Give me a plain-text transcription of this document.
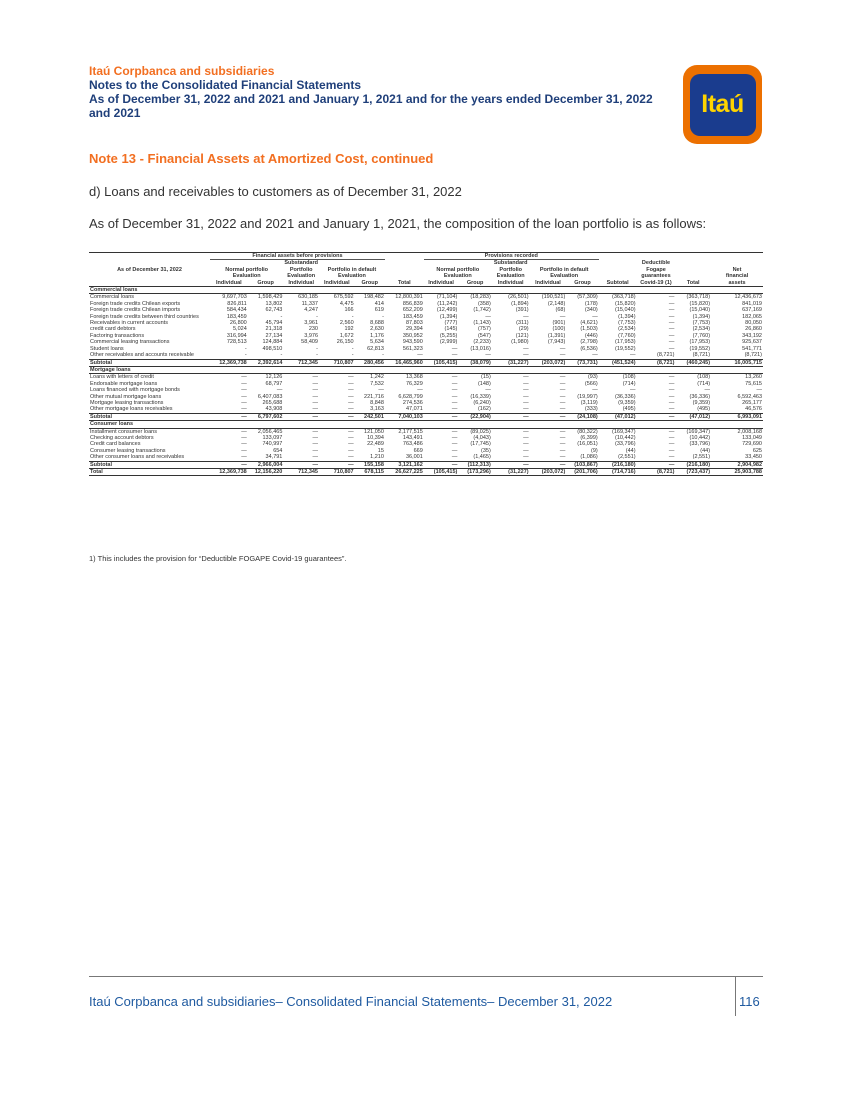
Itaú Corpbanca and subsidiaries
Notes to the Consolidated Financial Statements
As of December 31, 2022 and 2021 and January 1, 2021 and for the years ended December 31, 2022
and 2021	Itaú
Note 13 - Financial Assets at Amortized Cost, continued
d) Loans and receivables to customers as of December 31, 2022
As of December 31, 2022 and 2021 and January 1, 2021, the composition of the loan portfolio is as follows:
	Financial assets before provisions						Provisions recorded								
As of December 31, 2022	Normal portfolio		Substandard Portfolio	Portfolio in default			Normal portfolio		Substandard Portfolio	Portfolio in default			Deductible Fogape		Net
	Evaluation		Evaluation	Evaluation			Evaluation		Evaluation	Evaluation			guarantees		financial
	Individual	Group	Individual	Individual	Group	Total	Individual	Group	Individual	Individual	Group	Subtotal	Covid-19 (1)	Total	assets
Commercial loans															
Commercial loans	9,697,703	1,598,429	630,185	675,592	198,482	12,800,391	(71,104)	(18,283)	(26,501)	(190,521)	(57,309)	(363,718)	—	(363,718)	12,436,673
Foreign trade credits Chilean exports	826,811	13,802	11,337	4,475	414	856,839	(11,242)	(358)	(1,894)	(2,148)	(178)	(15,820)	—	(15,820)	841,019
Foreign trade credits Chilean imports	584,434	62,743	4,247	166	619	652,209	(12,499)	(1,742)	(391)	(68)	(340)	(15,040)	—	(15,040)	637,169
Foreign trade credits between third countries	183,459	-	-	-	-	183,459	(1,394)	—	—	—	—	(1,394)	—	(1,394)	182,065
Receivables in current accounts	26,800	45,794	3,961	2,560	8,688	87,803	(777)	(1,143)	(311)	(901)	(4,621)	(7,753)	—	(7,753)	80,050
credit card debtors	5,024	21,318	230	192	2,630	29,394	(145)	(757)	(29)	(100)	(1,503)	(2,534)	—	(2,534)	26,860
Factoring transactions	316,994	27,134	3,976	1,672	1,176	350,952	(5,255)	(547)	(121)	(1,391)	(446)	(7,760)	—	(7,760)	343,192
Commercial leasing transactions	728,513	124,884	58,409	26,150	5,634	943,590	(2,999)	(2,233)	(1,980)	(7,943)	(2,798)	(17,953)	—	(17,953)	925,637
Student loans	-	498,510	-	-	62,813	561,323	—	(13,016)	—	—	(6,536)	(19,552)	—	(19,552)	541,771
Other receivables and accounts receivable	-	-	-	-	-	—	—	—	—	—	—	—	(8,721)	(8,721)	(8,721)
Subtotal	12,369,738	2,392,614	712,345	710,807	280,456	16,465,960	(105,415)	(38,079)	(31,227)	(203,072)	(73,731)	(451,524)	(8,721)	(460,245)	16,005,715
Mortgage loans															
Loans with letters of credit	—	12,126	—	—	1,242	13,368	—	(15)	—	—	(93)	(108)	—	(108)	13,260
Endorsable mortgage loans	—	68,797	—	—	7,532	76,329	—	(148)	—	—	(566)	(714)	—	(714)	75,615
Loans financed with mortgage bonds	—	—	—	—	—	—	—	—	—	—	—	—	—	—	—
Other mutual mortgage loans	—	6,407,083	—	—	221,716	6,628,799	—	(16,339)	—	—	(19,997)	(36,336)	—	(36,336)	6,592,463
Mortgage leasing transactions	—	265,688	—	—	8,848	274,536	—	(6,240)	—	—	(3,119)	(9,359)	—	(9,359)	265,177
Other mortgage loans receivables	—	43,908	—	—	3,163	47,071	—	(162)	—	—	(333)	(495)	—	(495)	46,576
Subtotal	—	6,797,602	—	—	242,501	7,040,103	—	(22,904)	—	—	(24,108)	(47,012)	—	(47,012)	6,993,091
Consumer loans															
Installment consumer loans	—	2,056,465	—	—	121,050	2,177,515	—	(89,025)	—	—	(80,322)	(169,347)	—	(169,347)	2,008,168
Checking account debtors	—	133,097	—	—	10,394	143,491	—	(4,043)	—	—	(6,399)	(10,442)	—	(10,442)	133,049
Credit card balances	—	740,997	—	—	22,489	763,486	—	(17,745)	—	—	(16,051)	(33,796)	—	(33,796)	729,690
Consumer leasing transactions	—	654	—	—	15	669	—	(35)	—	—	(9)	(44)	—	(44)	625
Other consumer loans and receivables	—	34,791	—	—	1,210	36,001	—	(1,465)	—	—	(1,086)	(2,551)	—	(2,551)	33,450
Subtotal	—	2,966,004	—	—	155,158	3,121,162	—	(112,313)	—	—	(103,867)	(216,180)	—	(216,180)	2,904,982
Total	12,369,738	12,156,220	712,345	710,807	678,115	26,627,225	(105,415)	(173,296)	(31,227)	(203,072)	(201,706)	(714,716)	(8,721)	(723,437)	25,903,788
1) This includes the provision for “Deductible FOGAPE Covid-19 guarantees”.
Itaú Corpbanca and subsidiaries– Consolidated Financial Statements– December 31, 2022	116
